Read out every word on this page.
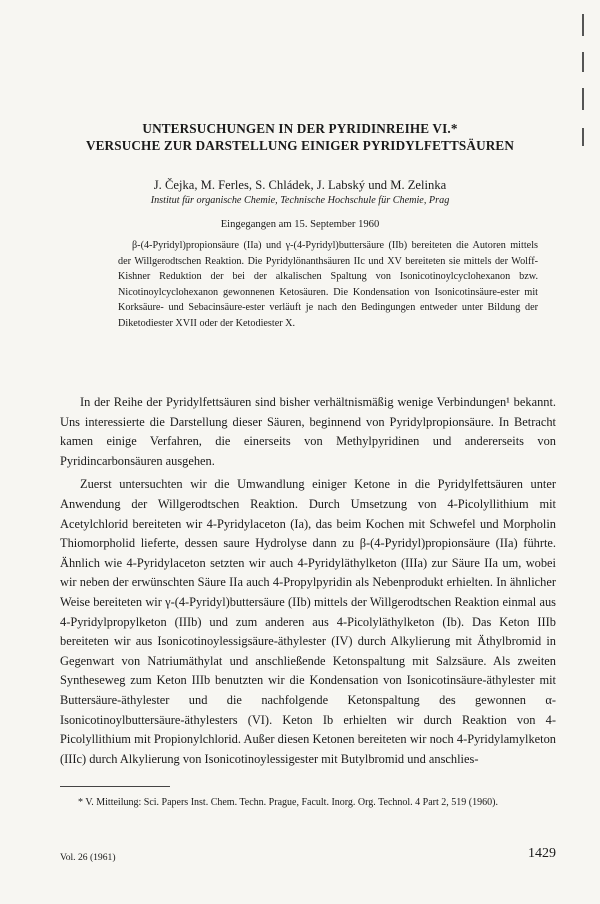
UNTERSUCHUNGEN IN DER PYRIDINREIHE VI.*
VERSUCHE ZUR DARSTELLUNG EINIGER PYRIDYLFETTSÄUREN
J. Čejka, M. Ferles, S. Chládek, J. Labský und M. Zelinka
Institut für organische Chemie, Technische Hochschule für Chemie, Prag
Eingegangen am 15. September 1960

β-(4-Pyridyl)propionsäure (IIa) und γ-(4-Pyridyl)buttersäure (IIb) bereiteten die Autoren mittels der Willgerodtschen Reaktion. Die Pyridylönanthsäuren IIc und XV bereiteten sie mittels der Wolff-Kishner Reduktion der bei der alkalischen Spaltung von Isonicotinoylcyclohexanon bzw. Nicotinoylcyclohexanon gewonnenen Ketosäuren. Die Kondensation von Isonicotinsäure-ester mit Korksäure- und Sebacinsäure-ester verläuft je nach den Bedingungen entweder unter Bildung der Diketodiester XVII oder der Ketodiester X.

In der Reihe der Pyridylfettsäuren sind bisher verhältnismäßig wenige Verbindungen¹ bekannt. Uns interessierte die Darstellung dieser Säuren, beginnend von Pyridylpropionsäure. In Betracht kamen einige Verfahren, die einerseits von Methylpyridinen und andererseits von Pyridincarbonsäuren ausgehen.

Zuerst untersuchten wir die Umwandlung einiger Ketone in die Pyridylfettsäuren unter Anwendung der Willgerodtschen Reaktion. Durch Umsetzung von 4-Picolyllithium mit Acetylchlorid bereiteten wir 4-Pyridylaceton (Ia), das beim Kochen mit Schwefel und Morpholin Thiomorpholid lieferte, dessen saure Hydrolyse dann zu β-(4-Pyridyl)propionsäure (IIa) führte. Ähnlich wie 4-Pyridylaceton setzten wir auch 4-Pyridyläthylketon (IIIa) zur Säure IIa um, wobei wir neben der erwünschten Säure IIa auch 4-Propylpyridin als Nebenprodukt erhielten. In ähnlicher Weise bereiteten wir γ-(4-Pyridyl)buttersäure (IIb) mittels der Willgerodtschen Reaktion einmal aus 4-Pyridylpropylketon (IIIb) und zum anderen aus 4-Picolyläthylketon (Ib). Das Keton IIIb bereiteten wir aus Isonicotinoylessigsäure-äthylester (IV) durch Alkylierung mit Äthylbromid in Gegenwart von Natriumäthylat und anschließende Ketonspaltung mit Salzsäure. Als zweiten Syntheseweg zum Keton IIIb benutzten wir die Kondensation von Isonicotinsäure-äthylester mit Buttersäure-äthylester und die nachfolgende Ketonspaltung des gewonnen α-Isonicotinoylbuttersäure-äthylesters (VI). Keton Ib erhielten wir durch Reaktion von 4-Picolyllithium mit Propionylchlorid. Außer diesen Ketonen bereiteten wir noch 4-Pyridylamylketon (IIIc) durch Alkylierung von Isonicotinoylessigester mit Butylbromid und anschlies-

* V. Mitteilung: Sci. Papers Inst. Chem. Techn. Prague, Facult. Inorg. Org. Technol. 4 Part 2, 519 (1960).
Vol. 26 (1961)	1429
